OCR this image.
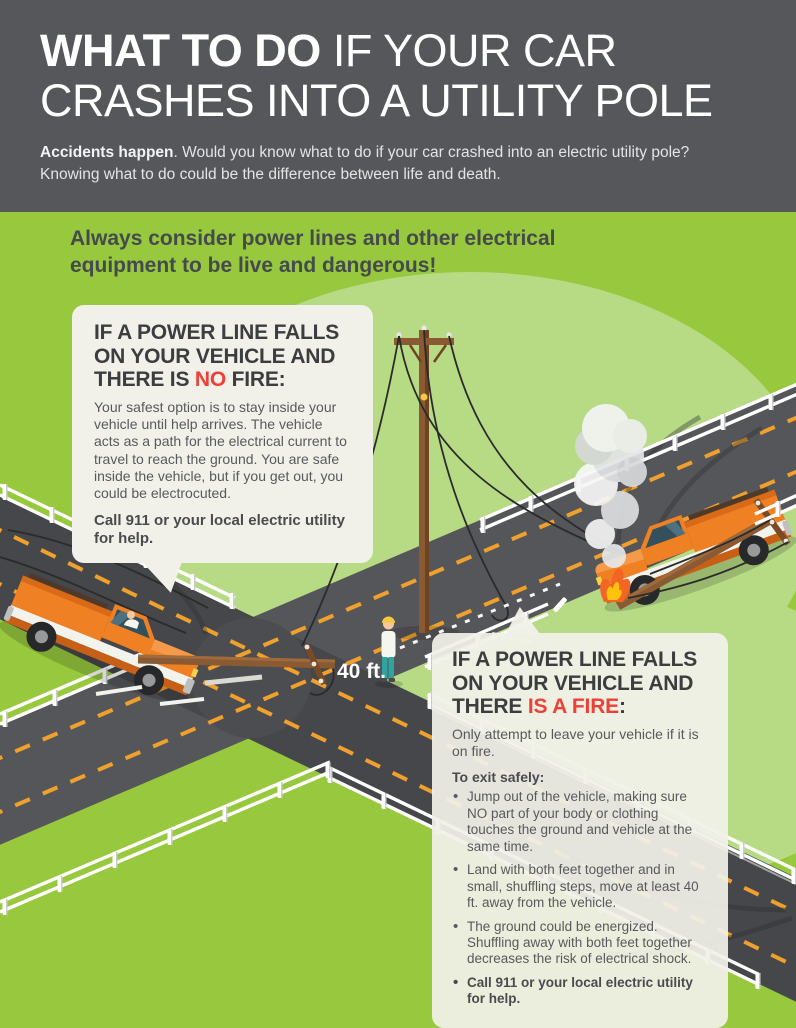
WHAT TO DO IF YOUR CAR
CRASHES INTO A UTILITY POLE
Accidents happen. Would you know what to do if your car crashed into an electric utility pole? Knowing what to do could be the difference between life and death.
Always consider power lines and other electrical equipment to be live and dangerous!
40 ft.

IF A POWER LINE FALLS ON YOUR VEHICLE AND THERE IS NO FIRE:

Your safest option is to stay inside your vehicle until help arrives. The vehicle acts as a path for the electrical current to travel to reach the ground. You are safe inside the vehicle, but if you get out, you could be electrocuted.

Call 911 or your local electric utility for help.

IF A POWER LINE FALLS ON YOUR VEHICLE AND THERE IS A FIRE:

Only attempt to leave your vehicle if it is on fire.

To exit safely:

• Jump out of the vehicle, making sure NO part of your body or clothing touches the ground and vehicle at the same time.
• Land with both feet together and in small, shuffling steps, move at least 40 ft. away from the vehicle.
• The ground could be energized. Shuffling away with both feet together decreases the risk of electrical shock.
• Call 911 or your local electric utility for help.
